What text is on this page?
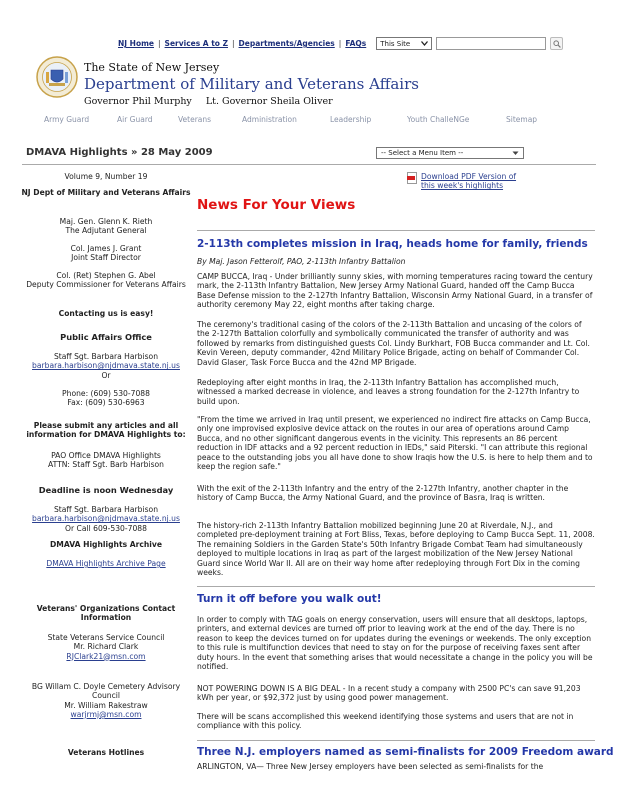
NJ Home | Services A to Z | Departments/Agencies | FAQs This Site
The State of New Jersey
Department of Military and Veterans Affairs
Governor Phil Murphy Lt. Governor Sheila Oliver
Army Guard	Air Guard	Veterans	Administration	Leadership	Youth ChalleNGe	Sitemap
DMAVA Highlights » 28 May 2009	-- Select a Menu Item --
Volume 9, Number 19
NJ Dept of Military and Veterans Affairs
Maj. Gen. Glenn K. Rieth
The Adjutant General
Col. James J. Grant
Joint Staff Director
Col. (Ret) Stephen G. Abel
Deputy Commissioner for Veterans Affairs
Contacting us is easy!
Public Affairs Office
Staff Sgt. Barbara Harbison
barbara.harbison@njdmava.state.nj.us
Or
Phone: (609) 530-7088
Fax: (609) 530-6963
Please submit any articles and all information for DMAVA Highlights to:
PAO Office DMAVA Highlights
ATTN: Staff Sgt. Barb Harbison
Deadline is noon Wednesday
Staff Sgt. Barbara Harbison
barbara.harbison@njdmava.state.nj.us
Or Call 609-530-7088
DMAVA Highlights Archive
DMAVA Highlights Archive Page
Veterans' Organizations Contact Information
State Veterans Service Council
Mr. Richard Clark
RJClark21@msn.com
BG Willam C. Doyle Cemetery Advisory Council
Mr. William Rakestraw
warjrmj@msn.com
Veterans Hotlines
Download PDF Version of this week's highlights
News For Your Views
2-113th completes mission in Iraq, heads home for family, friends
By Maj. Jason Fetterolf, PAO, 2-113th Infantry Battalion
CAMP BUCCA, Iraq - Under brilliantly sunny skies, with morning temperatures racing toward the century mark, the 2-113th Infantry Battalion, New Jersey Army National Guard, handed off the Camp Bucca Base Defense mission to the 2-127th Infantry Battalion, Wisconsin Army National Guard, in a transfer of authority ceremony May 22, eight months after taking charge.
The ceremony's traditional casing of the colors of the 2-113th Battalion and uncasing of the colors of the 2-127th Battalion colorfully and symbolically communicated the transfer of authority and was followed by remarks from distinguished guests Col. Lindy Burkhart, FOB Bucca commander and Lt. Col. Kevin Vereen, deputy commander, 42nd Military Police Brigade, acting on behalf of Commander Col. David Glaser, Task Force Bucca and the 42nd MP Brigade.
Redeploying after eight months in Iraq, the 2-113th Infantry Battalion has accomplished much, witnessed a marked decrease in violence, and leaves a strong foundation for the 2-127th Infantry to build upon.
"From the time we arrived in Iraq until present, we experienced no indirect fire attacks on Camp Bucca, only one improvised explosive device attack on the routes in our area of operations around Camp Bucca, and no other significant dangerous events in the vicinity. This represents an 86 percent reduction in IDF attacks and a 92 percent reduction in IEDs," said Piterski. "I can attribute this regional peace to the outstanding jobs you all have done to show Iraqis how the U.S. is here to help them and to keep the region safe."
With the exit of the 2-113th Infantry and the entry of the 2-127th Infantry, another chapter in the history of Camp Bucca, the Army National Guard, and the province of Basra, Iraq is written.
The history-rich 2-113th Infantry Battalion mobilized beginning June 20 at Riverdale, N.J., and completed pre-deployment training at Fort Bliss, Texas, before deploying to Camp Bucca Sept. 11, 2008. The remaining Soldiers in the Garden State's 50th Infantry Brigade Combat Team had simultaneously deployed to multiple locations in Iraq as part of the largest mobilization of the New Jersey National Guard since World War II. All are on their way home after redeploying through Fort Dix in the coming weeks.
Turn it off before you walk out!
In order to comply with TAG goals on energy conservation, users will ensure that all desktops, laptops, printers, and external devices are turned off prior to leaving work at the end of the day. There is no reason to keep the devices turned on for updates during the evenings or weekends. The only exception to this rule is multifunction devices that need to stay on for the purpose of receiving faxes sent after duty hours. In the event that something arises that would necessitate a change in the policy you will be notified.
NOT POWERING DOWN IS A BIG DEAL - In a recent study a company with 2500 PC's can save 91,203 kWh per year, or $92,372 just by using good power management.
There will be scans accomplished this weekend identifying those systems and users that are not in compliance with this policy.
Three N.J. employers named as semi-finalists for 2009 Freedom award
ARLINGTON, VA— Three New Jersey employers have been selected as semi-finalists for the
